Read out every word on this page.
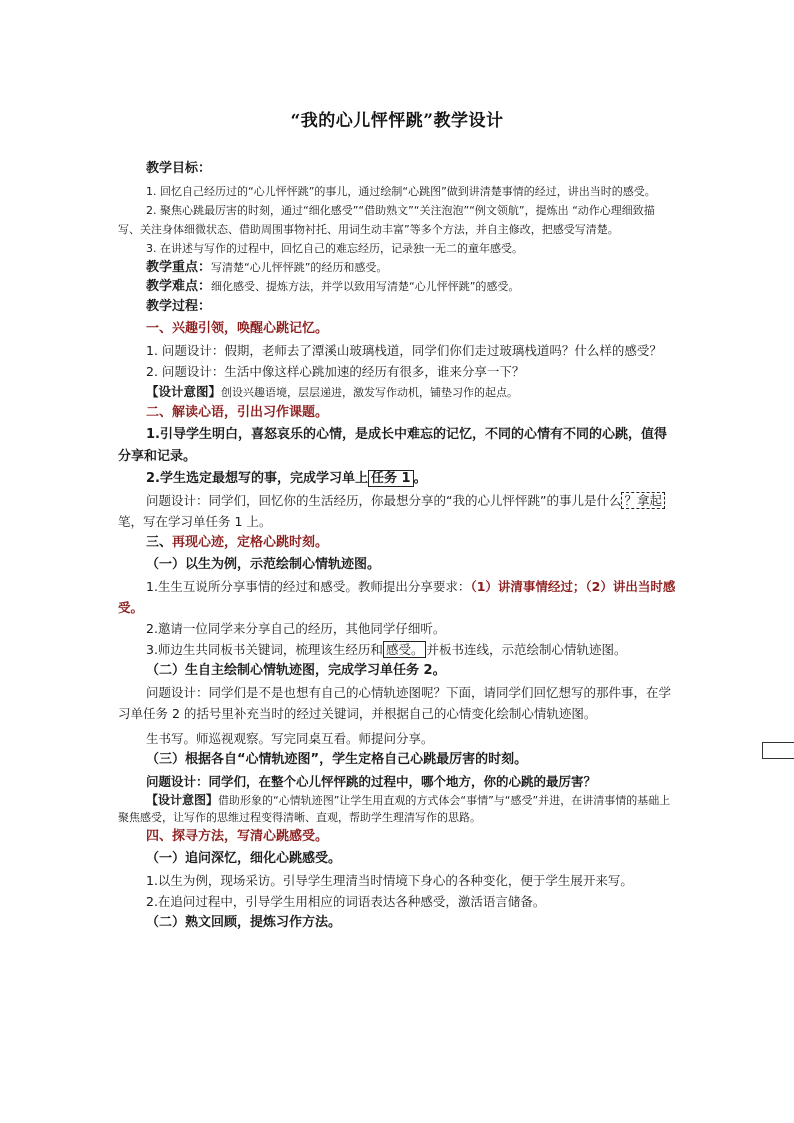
“我的心儿怦怦跳”教学设计
教学目标：

1. 回忆自己经历过的“心儿怦怦跳”的事儿，通过绘制“心跳图”做到讲清楚事情的经过，讲出当时的感受。

2. 聚焦心跳最厉害的时刻，通过“细化感受”“借助熟文”“关注泡泡”“例文领航”，提炼出 “动作心理细致描写、关注身体细微状态、借助周围事物衬托、用词生动丰富”等多个方法，并自主修改，把感受写清楚。

3. 在讲述与写作的过程中，回忆自己的难忘经历，记录独一无二的童年感受。

教学重点：写清楚“心儿怦怦跳”的经历和感受。

教学难点：细化感受、提炼方法，并学以致用写清楚“心儿怦怦跳”的感受。

教学过程：
一、兴趣引领，唤醒心跳记忆。

1. 问题设计：假期，老师去了潭溪山玻璃栈道，同学们你们走过玻璃栈道吗？什么样的感受？

2. 问题设计：生活中像这样心跳加速的经历有很多，谁来分享一下？

【设计意图】创设兴趣语境，层层递进，激发写作动机，铺垫习作的起点。

二、解读心语，引出习作课题。

1.引导学生明白，喜怒哀乐的心情，是成长中难忘的记忆，不同的心情有不同的心跳，值得分享和记录。

2.学生选定最想写的事，完成学习单上 任务 1 。

问题设计：同学们，回忆你的生活经历，你最想分享的“我的心儿怦怦跳”的事儿是什么 ？拿起笔，写在学习单任务 1 上。

三、再现心迹，定格心跳时刻。
（一）以生为例，示范绘制心情轨迹图。

1.生生互说所分享事情的经过和感受。教师提出分享要求：（1）讲清事情经过；（2）讲出当时感受。

2.邀请一位同学来分享自己的经历，其他同学仔细听。

3.师边生共同板书关键词，梳理该生经历和 感受。 并板书连线，示范绘制心情轨迹图。

（二）生自主绘制心情轨迹图，完成学习单任务 2。

问题设计：同学们是不是也想有自己的心情轨迹图呢？下面，请同学们回忆想写的那件事，在学习单任务 2 的括号里补充当时的经过关键词，并根据自己的心情变化绘制心情轨迹图。

生书写。师巡视观察。写完同桌互看。师提问分享。

（三）根据各自“心情轨迹图”，学生定格自己心跳最厉害的时刻。

问题设计：同学们，在整个心儿怦怦跳的过程中，哪个地方，你的心跳的最厉害？

【设计意图】借助形象的“心情轨迹图”让学生用直观的方式体会“事情”与“感受”并进，在讲清事情的基础上聚焦感受，让写作的思维过程变得清晰、直观，帮助学生理清写作的思路。

四、探寻方法，写清心跳感受。
（一）追问深忆，细化心跳感受。

1.以生为例，现场采访。引导学生理清当时情境下身心的各种变化，便于学生展开来写。

2.在追问过程中，引导学生用相应的词语表达各种感受，激活语言储备。

（二）熟文回顾，提炼习作方法。
